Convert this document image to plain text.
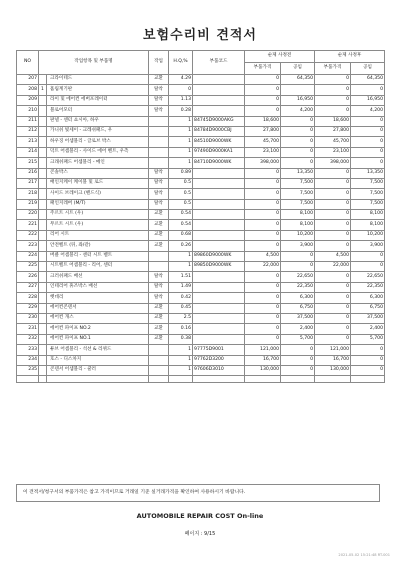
보험수리비 견적서
NO	작업항목 및 부품명		작업	H.Q,%	부품코드	순제 사정전		순제 사정후	
						부품가격	공임	부품가격	공임
207		크라이테드	교환	4.29		0	64,350	0	64,350
208	1	흡림계기판	탈착	0		0		0	0
209		라이 및 에어컨 에버포레이터	탈착	1.13		0	16,950	0	16,950
210		블로어모터	탈착	0.28		0	4,200	0	4,200
211		판넬 - 센터 쇼시아, 하우		1	84745D9000AKG	18,600	0	18,600	0
212		가니쉬 빛세이 - 크레쉬패드, 우		1	84784D9000CBJ	27,800	0	27,800	0
213		하우징 어셈블리 - 글로브 박스		1	84510D9000WK	45,700	0	45,700	0
214		덕트 어셈블리 - 사이드 에어 벤트, 우측		1	97490D9000KA1	23,100	0	23,100	0
215		크래쉬패드 어셈블리 - 메인		1	84710D9000WK	398,000	0	398,000	0
216		콘솔박스	탈착	0.89		0	13,350	0	13,350
217		배인지케이 케이블 및 로드	탈착	0.5		0	7,500	0	7,500
218		사이드 브레이크 (핸드식)	탈착	0.5		0	7,500	0	7,500
219		패인지레버 (M/T)	탈착	0.5		0	7,500	0	7,500
220		주르트 시트 (우)	교환	0.54		0	8,100	0	8,100
221		무르트 시트 (우)	교환	0.54		0	8,100	0	8,100
222		리어 시트	교환	0.68		0	10,200	0	10,200
223		안전벨트 (뒤, 좌/같)	교환	0.26		0	3,900	0	3,900
224		버클 어셈블리 - 센터 시트 벨트		1	89860D9000WK	4,500	0	4,500	0
225		시트벨트 어셈블리 - 리어, 센터		1	89850D9000WK	22,000	0	22,000	0
226		크러쉬패드 배선	탈착	1.51		0	22,650	0	22,650
227		인테리어 휴즈박스 배선	탈착	1.49		0	22,350	0	22,350
228		헷데리	탈착	0.42		0	6,300	0	6,300
229		에어컨콘덴서	교환	0.45		0	6,750	0	6,750
230		에어컨 개스	교환	2.5		0	37,500	0	37,500
231		에어컨 파이프 NO.2	교환	0.16		0	2,400	0	2,400
232		에어컨 파이프 NO.1	교환	0.38		0	5,700	0	5,700
233		튜브 어셈블리 - 석션 & 리퀴드		1	97775D9001	121,000	0	121,000	0
234		호스 - 디스차지		1	97762D3200	16,700	0	16,700	0
235		콘덴서 어셈블리 - 쿨러		1	97606D3010	130,000	0	130,000	0

이 견적서/청구서의 부품가격은 참고 가격이므로 거래일 기준 실거래가격을 확인하여 사용하시기 바랍니다.
AUTOMOBILE REPAIR COST On-line
페이지 : 9/15
2021-05-02 15:21:48 RT-001
